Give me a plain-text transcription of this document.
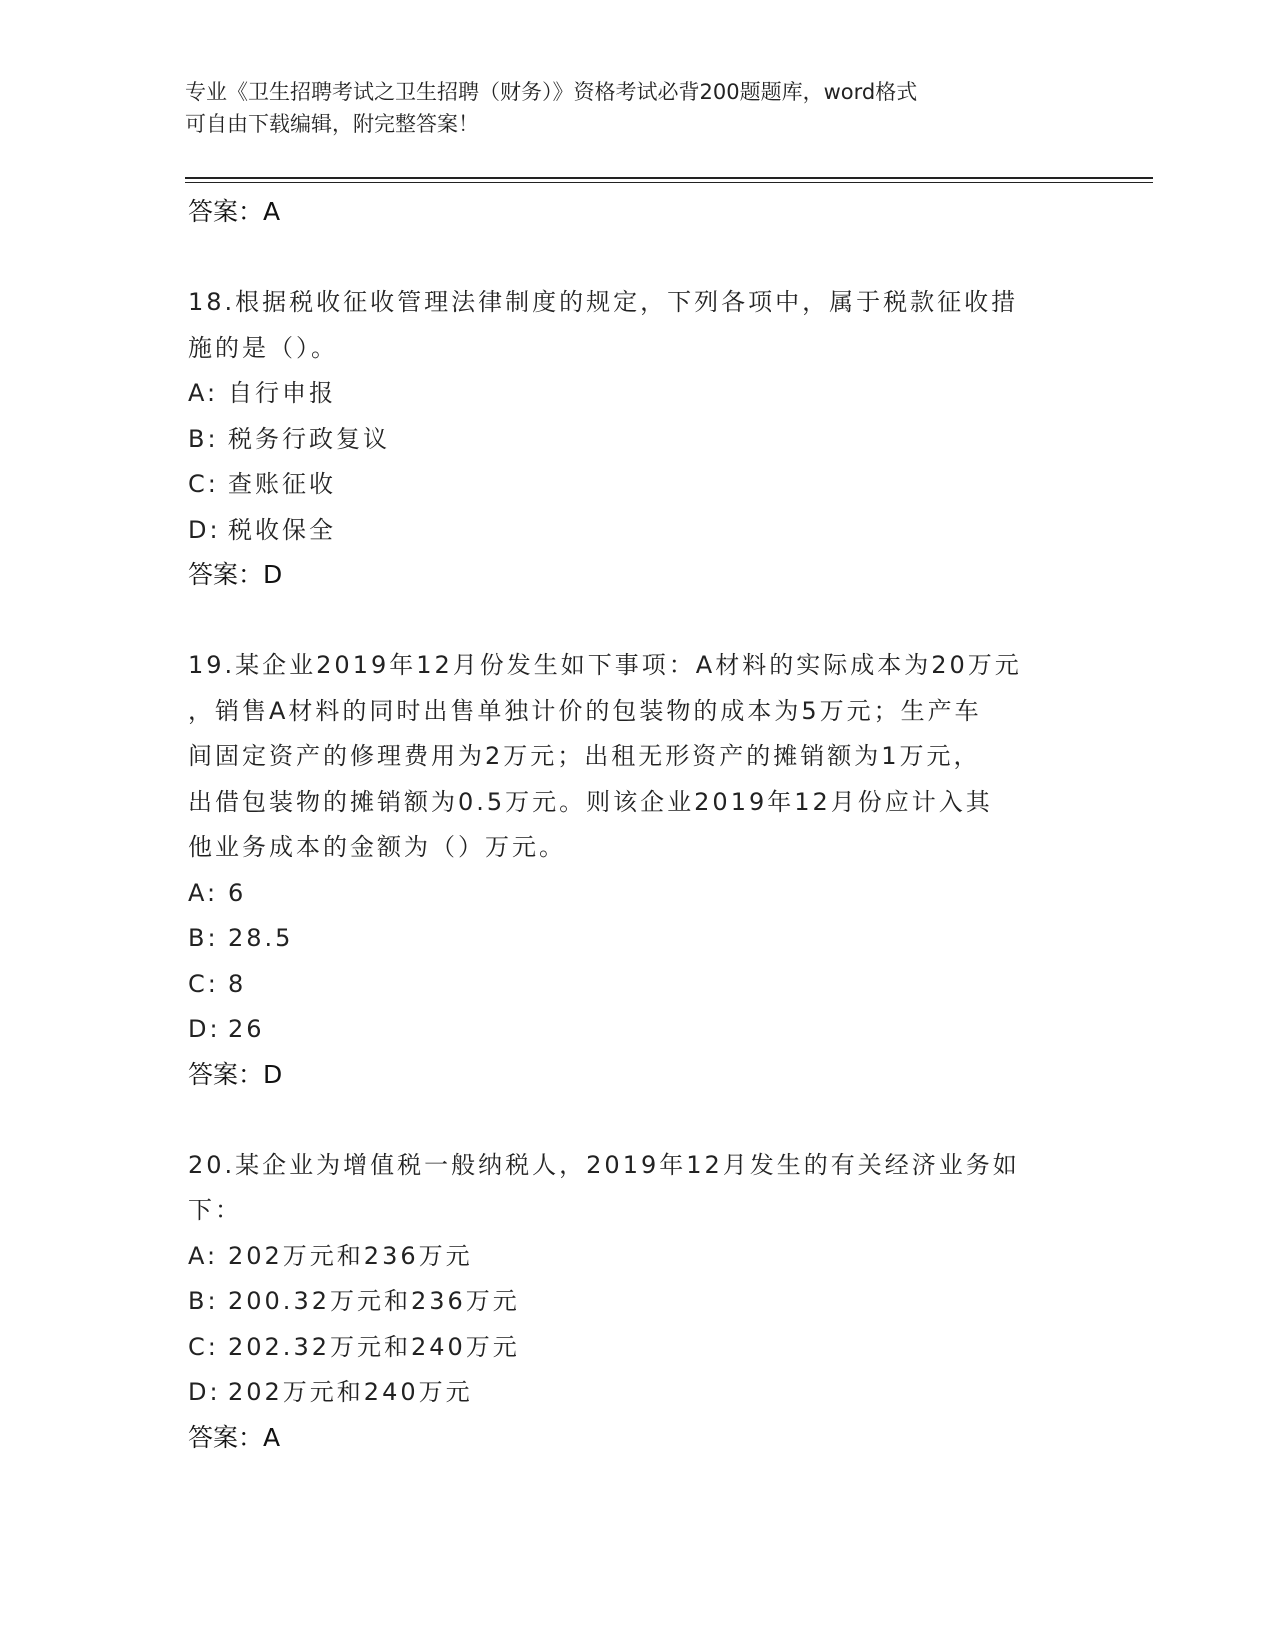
专业《卫生招聘考试之卫生招聘（财务）》资格考试必背200题题库，word格式
可自由下载编辑，附完整答案！
答案：A
18.根据税收征收管理法律制度的规定，下列各项中，属于税款征收措
施的是（）。
A: 自行申报
B: 税务行政复议
C: 查账征收
D: 税收保全
答案：D
19.某企业2019年12月份发生如下事项：A材料的实际成本为20万元
，销售A材料的同时出售单独计价的包装物的成本为5万元；生产车
间固定资产的修理费用为2万元；出租无形资产的摊销额为1万元，
出借包装物的摊销额为0.5万元。则该企业2019年12月份应计入其
他业务成本的金额为（）万元。
A: 6
B: 28.5
C: 8
D: 26
答案：D
20.某企业为增值税一般纳税人，2019年12月发生的有关经济业务如
下：
A: 202万元和236万元
B: 200.32万元和236万元
C: 202.32万元和240万元
D: 202万元和240万元
答案：A
